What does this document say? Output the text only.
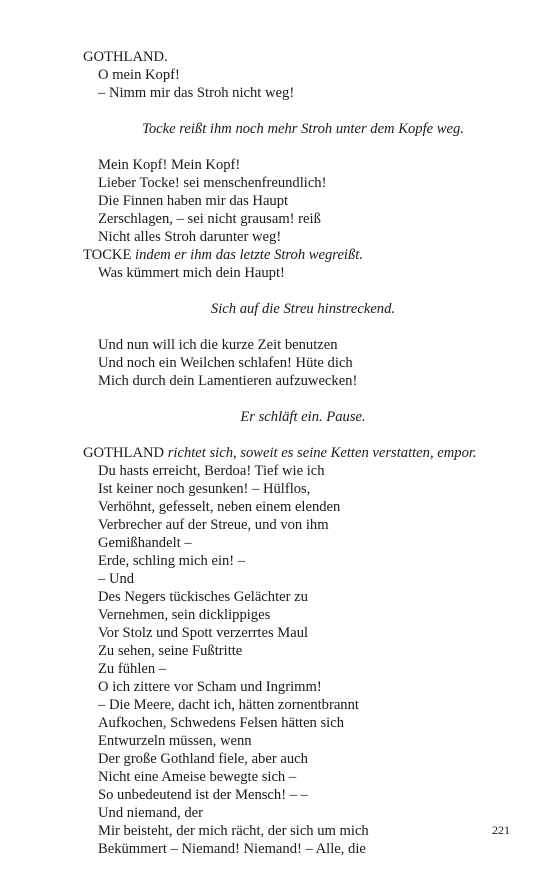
GOTHLAND.
O mein Kopf!
– Nimm mir das Stroh nicht weg!
Tocke reißt ihm noch mehr Stroh unter dem Kopfe weg.
Mein Kopf! Mein Kopf!
Lieber Tocke! sei menschenfreundlich!
Die Finnen haben mir das Haupt
Zerschlagen, – sei nicht grausam! reiß
Nicht alles Stroh darunter weg!
TOCKE indem er ihm das letzte Stroh wegreißt.
Was kümmert mich dein Haupt!
Sich auf die Streu hinstreckend.
Und nun will ich die kurze Zeit benutzen
Und noch ein Weilchen schlafen! Hüte dich
Mich durch dein Lamentieren aufzuwecken!
Er schläft ein. Pause.
GOTHLAND richtet sich, soweit es seine Ketten verstatten, empor.
Du hasts erreicht, Berdoa! Tief wie ich
Ist keiner noch gesunken! – Hülflos,
Verhöhnt, gefesselt, neben einem elenden
Verbrecher auf der Streue, und von ihm
Gemißhandelt –
Erde, schling mich ein! –
– Und
Des Negers tückisches Gelächter zu
Vernehmen, sein dicklippiges
Vor Stolz und Spott verzerrtes Maul
Zu sehen, seine Fußtritte
Zu fühlen –
O ich zittere vor Scham und Ingrimm!
– Die Meere, dacht ich, hätten zornentbrannt
Aufkochen, Schwedens Felsen hätten sich
Entwurzeln müssen, wenn
Der große Gothland fiele, aber auch
Nicht eine Ameise bewegte sich –
So unbedeutend ist der Mensch! – –
Und niemand, der
Mir beisteht, der mich rächt, der sich um mich
Bekümmert – Niemand! Niemand! – Alle, die
221
